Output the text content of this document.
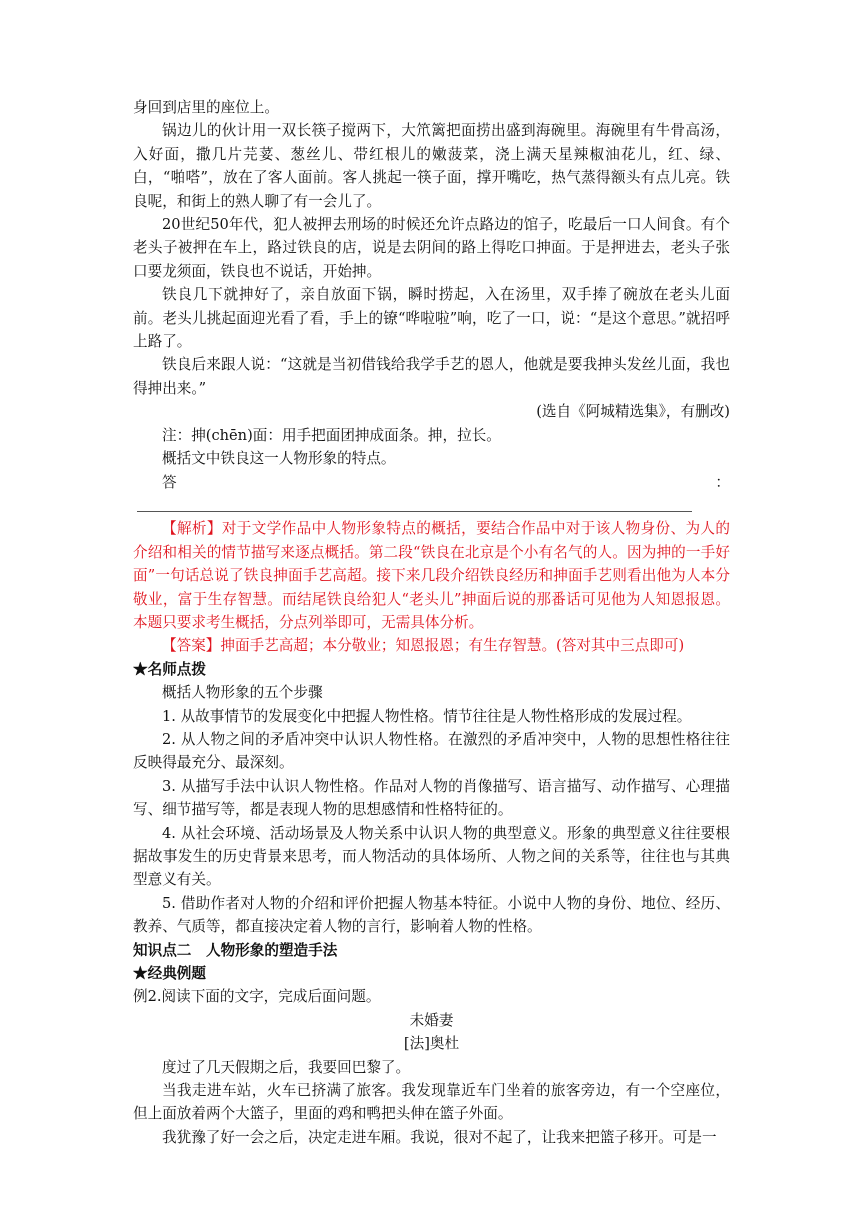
身回到店里的座位上。

锅边儿的伙计用一双长筷子搅两下，大笊篱把面捞出盛到海碗里。海碗里有牛骨高汤，入好面，撒几片芫荽、葱丝儿、带红根儿的嫩菠菜，浇上满天星辣椒油花儿，红、绿、白，“啪嗒”，放在了客人面前。客人挑起一筷子面，撑开嘴吃，热气蒸得额头有点儿亮。铁良呢，和街上的熟人聊了有一会儿了。

20世纪50年代，犯人被押去刑场的时候还允许点路边的馆子，吃最后一口人间食。有个老头子被押在车上，路过铁良的店，说是去阴间的路上得吃口抻面。于是押进去，老头子张口要龙须面，铁良也不说话，开始抻。

铁良几下就抻好了，亲自放面下锅，瞬时捞起，入在汤里，双手捧了碗放在老头儿面前。老头儿挑起面迎光看了看，手上的镣“哗啦啦”响，吃了一口，说：“是这个意思。”就招呼上路了。

铁良后来跟人说：“这就是当初借钱给我学手艺的恩人，他就是要我抻头发丝儿面，我也得抻出来。”

(选自《阿城精选集》，有删改)

注：抻(chēn)面：用手把面团抻成面条。抻，拉长。

概括文中铁良这一人物形象的特点。

答：

【解析】对于文学作品中人物形象特点的概括，要结合作品中对于该人物身份、为人的介绍和相关的情节描写来逐点概括。第二段“铁良在北京是个小有名气的人。因为抻的一手好面”一句话总说了铁良抻面手艺高超。接下来几段介绍铁良经历和抻面手艺则看出他为人本分敬业，富于生存智慧。而结尾铁良给犯人“老头儿”抻面后说的那番话可见他为人知恩报恩。本题只要求考生概括，分点列举即可，无需具体分析。

【答案】抻面手艺高超；本分敬业；知恩报恩；有生存智慧。(答对其中三点即可)

★名师点拨

概括人物形象的五个步骤

1. 从故事情节的发展变化中把握人物性格。情节往往是人物性格形成的发展过程。

2. 从人物之间的矛盾冲突中认识人物性格。在激烈的矛盾冲突中，人物的思想性格往往反映得最充分、最深刻。

3. 从描写手法中认识人物性格。作品对人物的肖像描写、语言描写、动作描写、心理描写、细节描写等，都是表现人物的思想感情和性格特征的。

4. 从社会环境、活动场景及人物关系中认识人物的典型意义。形象的典型意义往往要根据故事发生的历史背景来思考，而人物活动的具体场所、人物之间的关系等，往往也与其典型意义有关。

5. 借助作者对人物的介绍和评价把握人物基本特征。小说中人物的身份、地位、经历、教养、气质等，都直接决定着人物的言行，影响着人物的性格。

知识点二　人物形象的塑造手法

★经典例题

例2.阅读下面的文字，完成后面问题。

未婚妻

[法]奥杜

度过了几天假期之后，我要回巴黎了。

当我走进车站，火车已挤满了旅客。我发现靠近车门坐着的旅客旁边，有一个空座位，但上面放着两个大篮子，里面的鸡和鸭把头伸在篮子外面。

我犹豫了好一会之后，决定走进车厢。我说，很对不起了，让我来把篮子移开。可是一
